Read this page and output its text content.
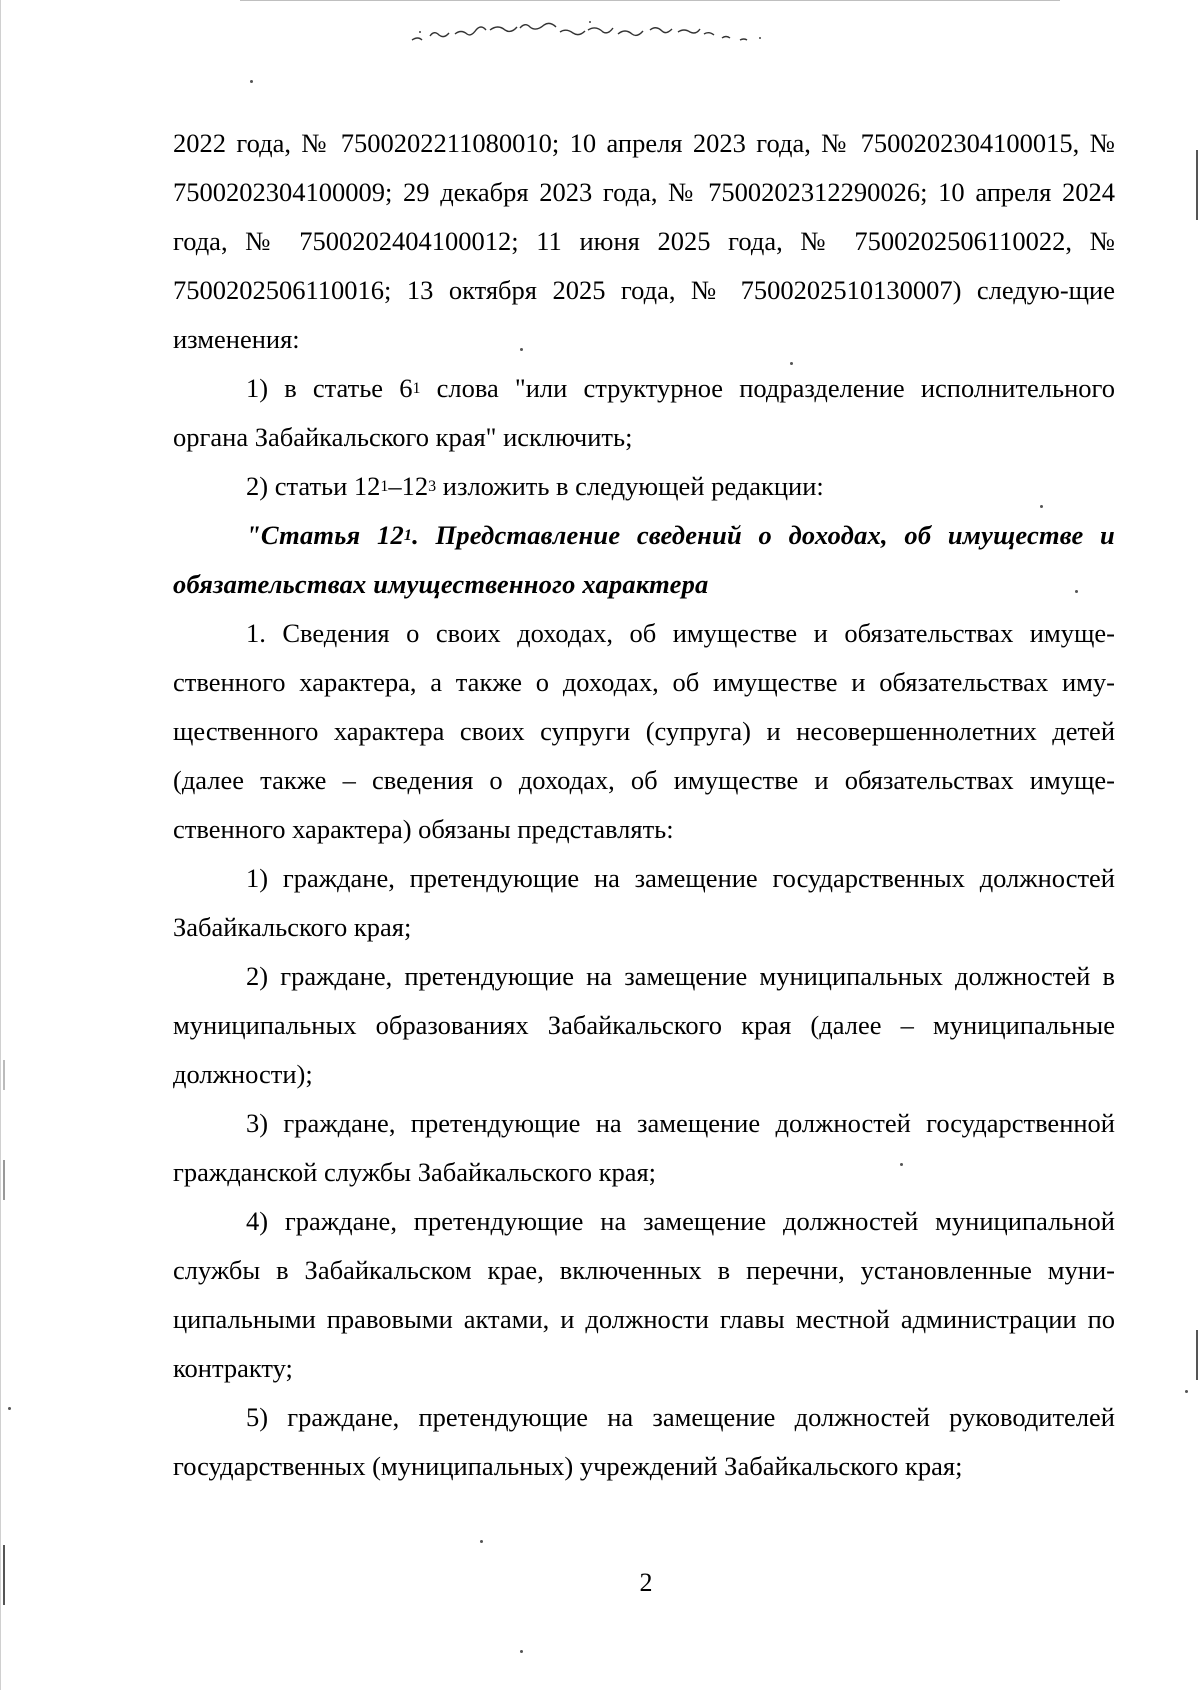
2022 года, № 7500202211080010; 10 апреля 2023 года, № 7500202304100015, № 7500202304100009; 29 декабря 2023 года, № 7500202312290026; 10 апреля 2024 года, № 7500202404100012; 11 июня 2025 года, № 7500202506110022, № 7500202506110016; 13 октября 2025 года, № 7500202510130007) следую-щие изменения:

1) в статье $6^1$ слова "или структурное подразделение исполнительного органа Забайкальского края" исключить;

2) статьи $12^1-12^3$ изложить в следующей редакции:

"Статья $12^1$. Представление сведений о доходах, об имуществе и обязательствах имущественного характера

1. Сведения о своих доходах, об имуществе и обязательствах имуще-ственного характера, а также о доходах, об имуществе и обязательствах иму-щественного характера своих супруги (супруга) и несовершеннолетних детей (далее также – сведения о доходах, об имуществе и обязательствах имуще-ственного характера) обязаны представлять:

1) граждане, претендующие на замещение государственных должностей Забайкальского края;

2) граждане, претендующие на замещение муниципальных должностей в муниципальных образованиях Забайкальского края (далее – муниципальные должности);

3) граждане, претендующие на замещение должностей государственной гражданской службы Забайкальского края;

4) граждане, претендующие на замещение должностей муниципальной службы в Забайкальском крае, включенных в перечни, установленные муни-ципальными правовыми актами, и должности главы местной администрации по контракту;

5) граждане, претендующие на замещение должностей руководителей государственных (муниципальных) учреждений Забайкальского края;

2
